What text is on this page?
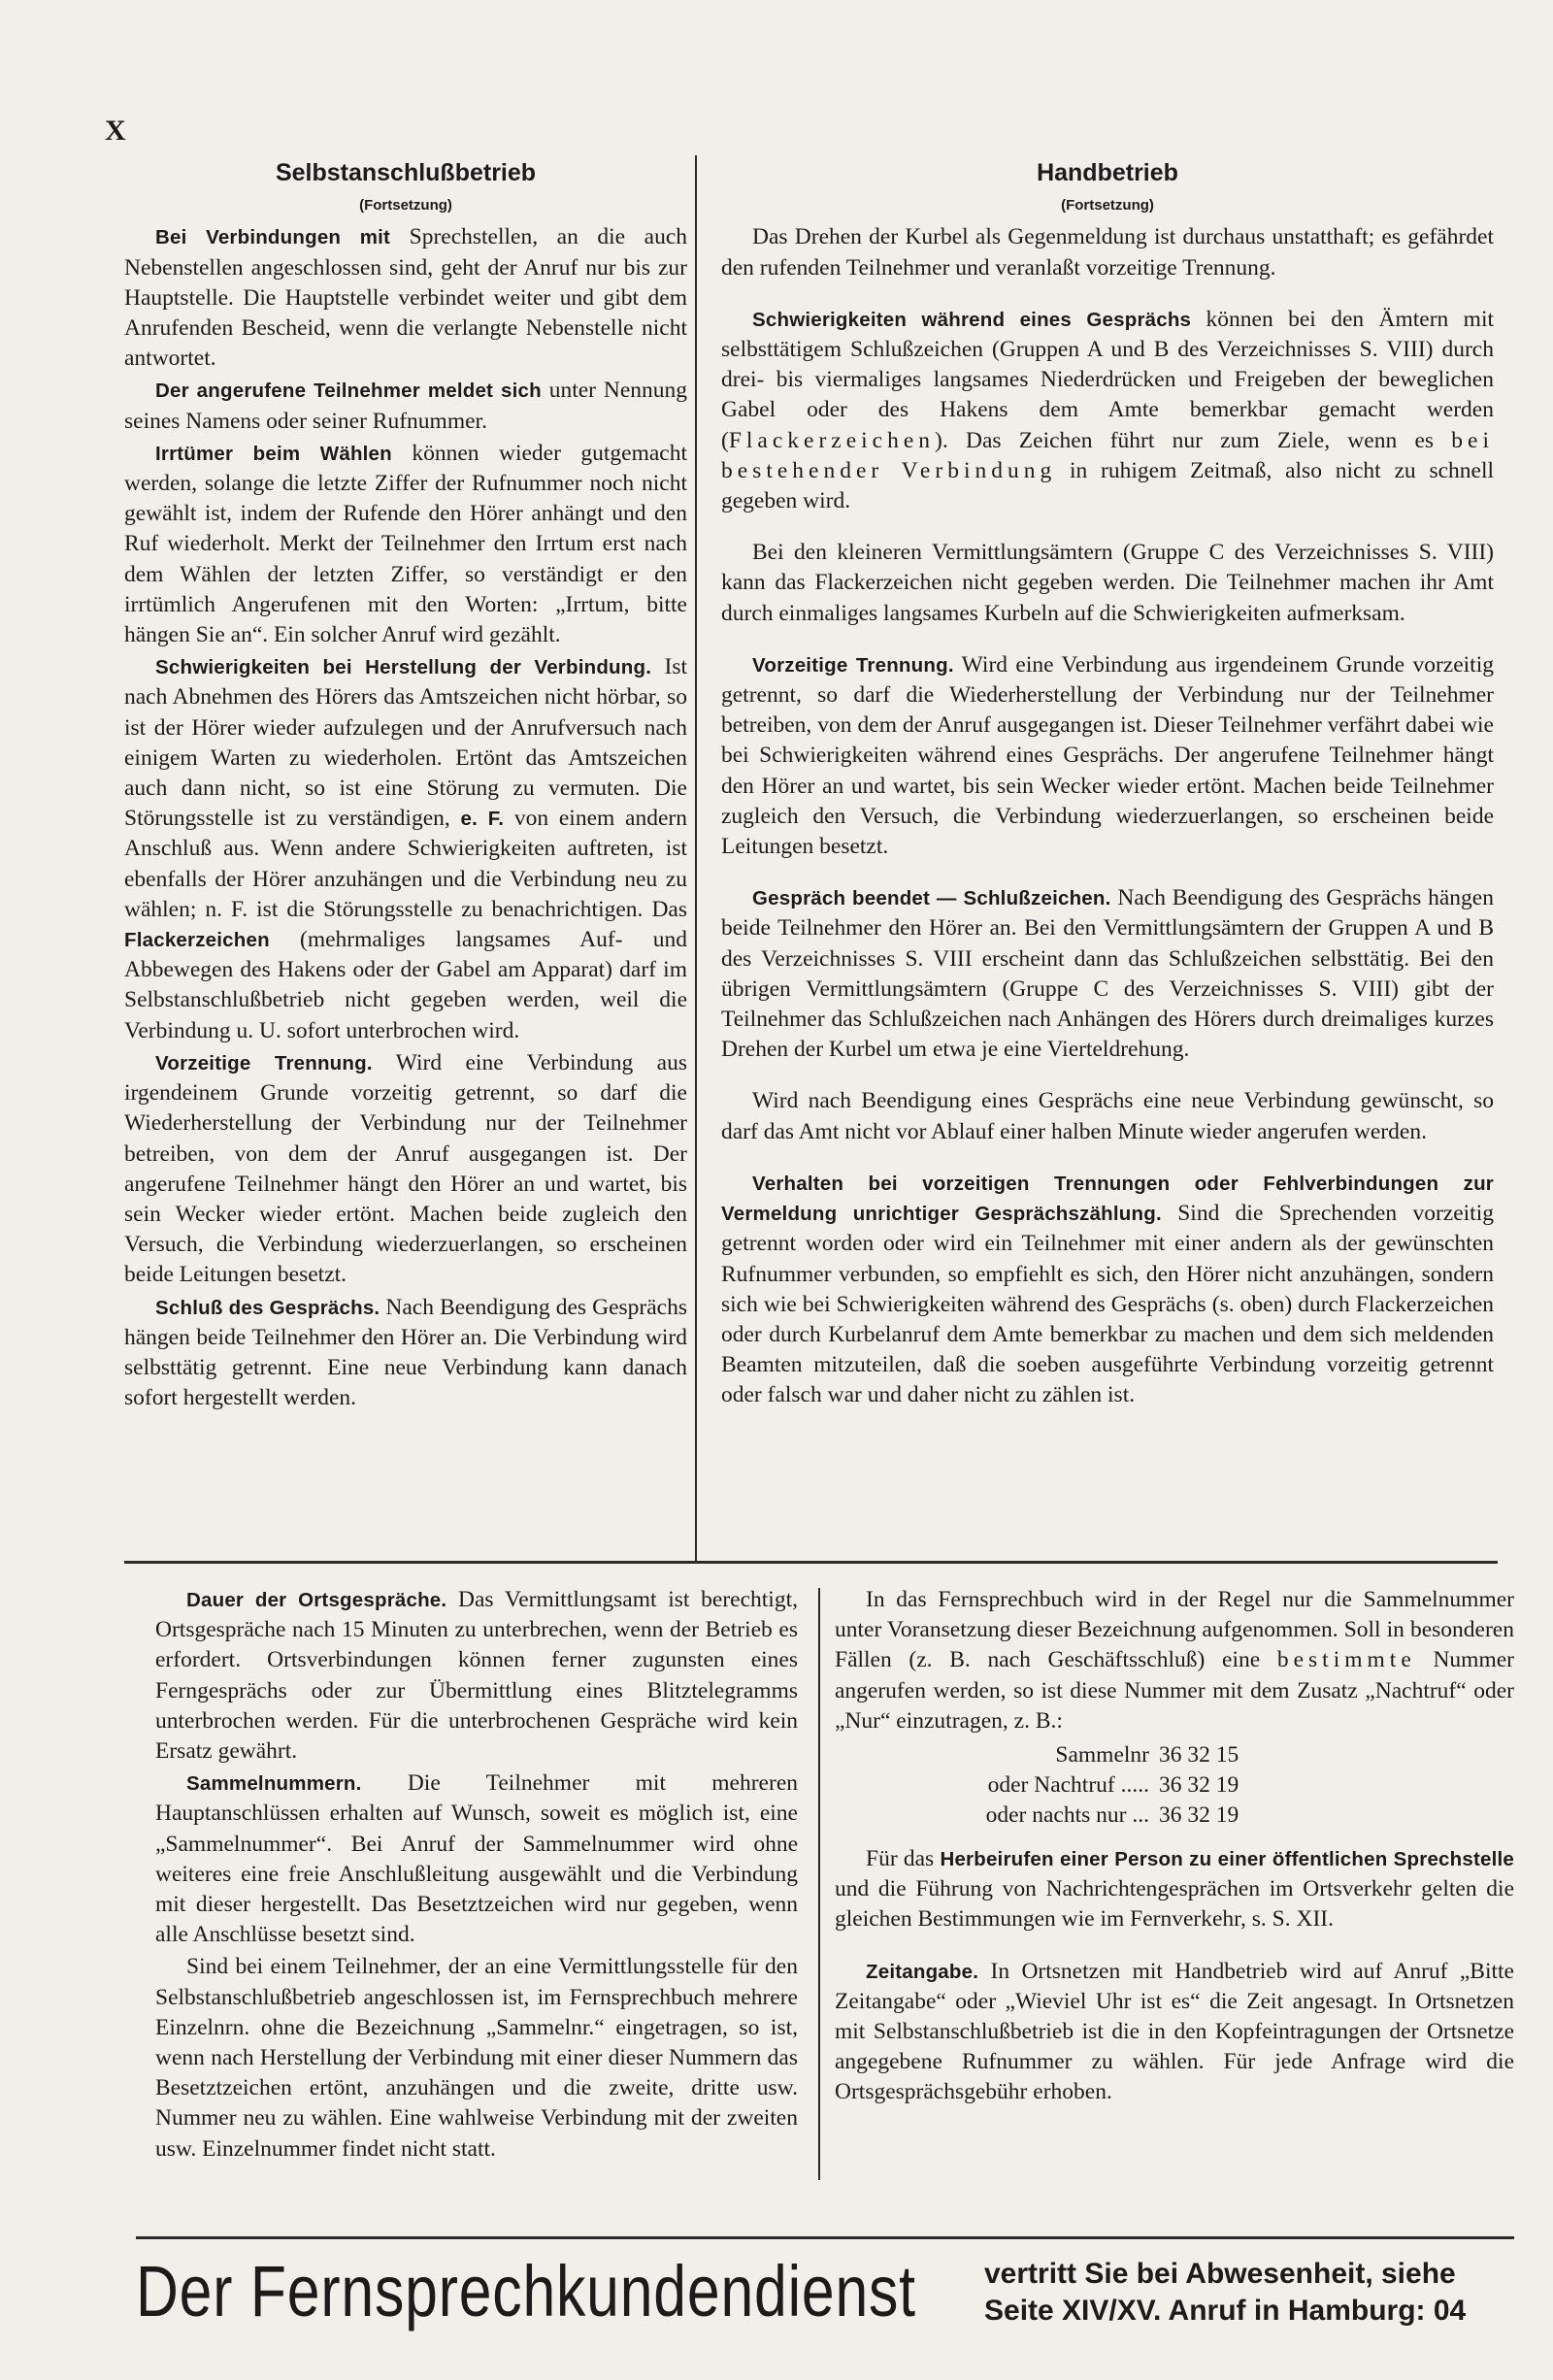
X

Selbstanschlußbetrieb

(Fortsetzung)

Bei Verbindungen mit Sprechstellen, an die auch Nebenstellen angeschlossen sind, geht der Anruf nur bis zur Hauptstelle. Die Hauptstelle verbindet weiter und gibt dem Anrufenden Bescheid, wenn die verlangte Nebenstelle nicht antwortet.

Der angerufene Teilnehmer meldet sich unter Nennung seines Namens oder seiner Rufnummer.

Irrtümer beim Wählen können wieder gutgemacht werden, solange die letzte Ziffer der Rufnummer noch nicht gewählt ist, indem der Rufende den Hörer anhängt und den Ruf wiederholt. Merkt der Teilnehmer den Irrtum erst nach dem Wählen der letzten Ziffer, so verständigt er den irrtümlich Angerufenen mit den Worten: „Irrtum, bitte hängen Sie an“. Ein solcher Anruf wird gezählt.

Schwierigkeiten bei Herstellung der Verbindung. Ist nach Abnehmen des Hörers das Amtszeichen nicht hörbar, so ist der Hörer wieder aufzulegen und der Anrufversuch nach einigem Warten zu wiederholen. Ertönt das Amtszeichen auch dann nicht, so ist eine Störung zu vermuten. Die Störungsstelle ist zu verständigen, e. F. von einem andern Anschluß aus. Wenn andere Schwierigkeiten auftreten, ist ebenfalls der Hörer anzuhängen und die Verbindung neu zu wählen; n. F. ist die Störungsstelle zu benachrichtigen. Das Flackerzeichen (mehrmaliges langsames Auf- und Abbewegen des Hakens oder der Gabel am Apparat) darf im Selbstanschlußbetrieb nicht gegeben werden, weil die Verbindung u. U. sofort unterbrochen wird.

Vorzeitige Trennung. Wird eine Verbindung aus irgendeinem Grunde vorzeitig getrennt, so darf die Wiederherstellung der Verbindung nur der Teilnehmer betreiben, von dem der Anruf ausgegangen ist. Der angerufene Teilnehmer hängt den Hörer an und wartet, bis sein Wecker wieder ertönt. Machen beide zugleich den Versuch, die Verbindung wiederzuerlangen, so erscheinen beide Leitungen besetzt.

Schluß des Gesprächs. Nach Beendigung des Gesprächs hängen beide Teilnehmer den Hörer an. Die Verbindung wird selbsttätig getrennt. Eine neue Verbindung kann danach sofort hergestellt werden.

Handbetrieb

(Fortsetzung)

Das Drehen der Kurbel als Gegenmeldung ist durchaus unstatthaft; es gefährdet den rufenden Teilnehmer und veranlaßt vorzeitige Trennung.

Schwierigkeiten während eines Gesprächs können bei den Ämtern mit selbsttätigem Schlußzeichen (Gruppen A und B des Verzeichnisses S. VIII) durch drei- bis viermaliges langsames Niederdrücken und Freigeben der beweglichen Gabel oder des Hakens dem Amte bemerkbar gemacht werden (Flackerzeichen). Das Zeichen führt nur zum Ziele, wenn es bei bestehender Verbindung in ruhigem Zeitmaß, also nicht zu schnell gegeben wird.

Bei den kleineren Vermittlungsämtern (Gruppe C des Verzeichnisses S. VIII) kann das Flackerzeichen nicht gegeben werden. Die Teilnehmer machen ihr Amt durch einmaliges langsames Kurbeln auf die Schwierigkeiten aufmerksam.

Vorzeitige Trennung. Wird eine Verbindung aus irgendeinem Grunde vorzeitig getrennt, so darf die Wiederherstellung der Verbindung nur der Teilnehmer betreiben, von dem der Anruf ausgegangen ist. Dieser Teilnehmer verfährt dabei wie bei Schwierigkeiten während eines Gesprächs. Der angerufene Teilnehmer hängt den Hörer an und wartet, bis sein Wecker wieder ertönt. Machen beide Teilnehmer zugleich den Versuch, die Verbindung wiederzuerlangen, so erscheinen beide Leitungen besetzt.

Gespräch beendet — Schlußzeichen. Nach Beendigung des Gesprächs hängen beide Teilnehmer den Hörer an. Bei den Vermittlungsämtern der Gruppen A und B des Verzeichnisses S. VIII erscheint dann das Schlußzeichen selbsttätig. Bei den übrigen Vermittlungsämtern (Gruppe C des Verzeichnisses S. VIII) gibt der Teilnehmer das Schlußzeichen nach Anhängen des Hörers durch dreimaliges kurzes Drehen der Kurbel um etwa je eine Vierteldrehung.

Wird nach Beendigung eines Gesprächs eine neue Verbindung gewünscht, so darf das Amt nicht vor Ablauf einer halben Minute wieder angerufen werden.

Verhalten bei vorzeitigen Trennungen oder Fehlverbindungen zur Vermeldung unrichtiger Gesprächszählung. Sind die Sprechenden vorzeitig getrennt worden oder wird ein Teilnehmer mit einer andern als der gewünschten Rufnummer verbunden, so empfiehlt es sich, den Hörer nicht anzuhängen, sondern sich wie bei Schwierigkeiten während des Gesprächs (s. oben) durch Flackerzeichen oder durch Kurbelanruf dem Amte bemerkbar zu machen und dem sich meldenden Beamten mitzuteilen, daß die soeben ausgeführte Verbindung vorzeitig getrennt oder falsch war und daher nicht zu zählen ist.

Dauer der Ortsgespräche. Das Vermittlungsamt ist berechtigt, Ortsgespräche nach 15 Minuten zu unterbrechen, wenn der Betrieb es erfordert. Ortsverbindungen können ferner zugunsten eines Ferngesprächs oder zur Übermittlung eines Blitztelegramms unterbrochen werden. Für die unterbrochenen Gespräche wird kein Ersatz gewährt.

Sammelnummern. Die Teilnehmer mit mehreren Hauptanschlüssen erhalten auf Wunsch, soweit es möglich ist, eine „Sammelnummer“. Bei Anruf der Sammelnummer wird ohne weiteres eine freie Anschlußleitung ausgewählt und die Verbindung mit dieser hergestellt. Das Besetztzeichen wird nur gegeben, wenn alle Anschlüsse besetzt sind.

Sind bei einem Teilnehmer, der an eine Vermittlungsstelle für den Selbstanschlußbetrieb angeschlossen ist, im Fernsprechbuch mehrere Einzelnrn. ohne die Bezeichnung „Sammelnr.“ eingetragen, so ist, wenn nach Herstellung der Verbindung mit einer dieser Nummern das Besetztzeichen ertönt, anzuhängen und die zweite, dritte usw. Nummer neu zu wählen. Eine wahlweise Verbindung mit der zweiten usw. Einzelnummer findet nicht statt.

In das Fernsprechbuch wird in der Regel nur die Sammelnummer unter Voransetzung dieser Bezeichnung aufgenommen. Soll in besonderen Fällen (z. B. nach Geschäftsschluß) eine bestimmte Nummer angerufen werden, so ist diese Nummer mit dem Zusatz „Nachtruf“ oder „Nur“ einzutragen, z. B.:

Sammelnr 36 32 15
oder Nachtruf ..... 36 32 19
oder nachts nur ... 36 32 19

Für das Herbeirufen einer Person zu einer öffentlichen Sprechstelle und die Führung von Nachrichtengesprächen im Ortsverkehr gelten die gleichen Bestimmungen wie im Fernverkehr, s. S. XII.

Zeitangabe. In Ortsnetzen mit Handbetrieb wird auf Anruf „Bitte Zeitangabe“ oder „Wieviel Uhr ist es“ die Zeit angesagt. In Ortsnetzen mit Selbstanschlußbetrieb ist die in den Kopfeintragungen der Ortsnetze angegebene Rufnummer zu wählen. Für jede Anfrage wird die Ortsgesprächsgebühr erhoben.

Der Fernsprechkundendienst vertritt Sie bei Abwesenheit, siehe
Seite XIV/XV. Anruf in Hamburg: 04
